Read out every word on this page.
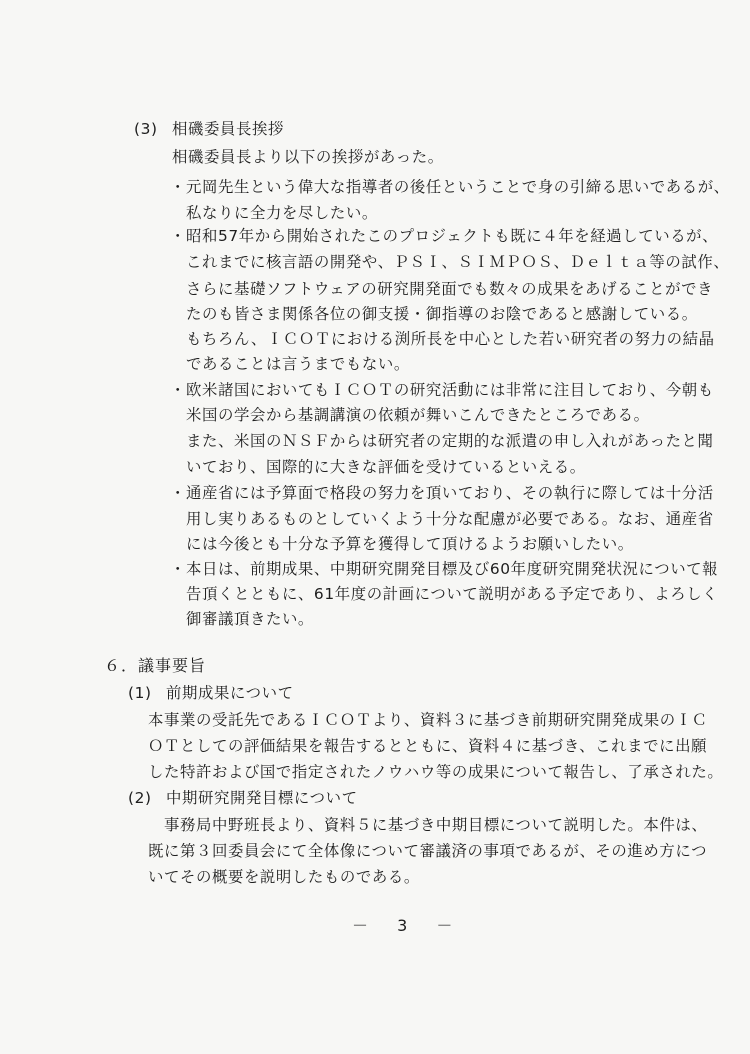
(3) 相磯委員長挨拶
相磯委員長より以下の挨拶があった。
・元岡先生という偉大な指導者の後任ということで身の引締る思いであるが、
私なりに全力を尽したい。
・昭和57年から開始されたこのプロジェクトも既に４年を経過しているが、
これまでに核言語の開発や、ＰＳＩ、ＳＩＭＰＯＳ、Ｄｅｌｔａ等の試作、
さらに基礎ソフトウェアの研究開発面でも数々の成果をあげることができ
たのも皆さま関係各位の御支援・御指導のお陰であると感謝している。
もちろん、ＩＣＯＴにおける渕所長を中心とした若い研究者の努力の結晶
であることは言うまでもない。
・欧米諸国においてもＩＣＯＴの研究活動には非常に注目しており、今朝も
米国の学会から基調講演の依頼が舞いこんできたところである。
また、米国のＮＳＦからは研究者の定期的な派遣の申し入れがあったと聞
いており、国際的に大きな評価を受けているといえる。
・通産省には予算面で格段の努力を頂いており、その執行に際しては十分活
用し実りあるものとしていくよう十分な配慮が必要である。なお、通産省
には今後とも十分な予算を獲得して頂けるようお願いしたい。
・本日は、前期成果、中期研究開発目標及び60年度研究開発状況について報
告頂くとともに、61年度の計画について説明がある予定であり、よろしく
御審議頂きたい。
６．議事要旨
(1) 前期成果について
本事業の受託先であるＩＣＯＴより、資料３に基づき前期研究開発成果のＩＣ
ＯＴとしての評価結果を報告するとともに、資料４に基づき、これまでに出願
した特許および国で指定されたノウハウ等の成果について報告し、了承された。
(2) 中期研究開発目標について
事務局中野班長より、資料５に基づき中期目標について説明した。本件は、
既に第３回委員会にて全体像について審議済の事項であるが、その進め方につ
いてその概要を説明したものである。
－ 3 －
